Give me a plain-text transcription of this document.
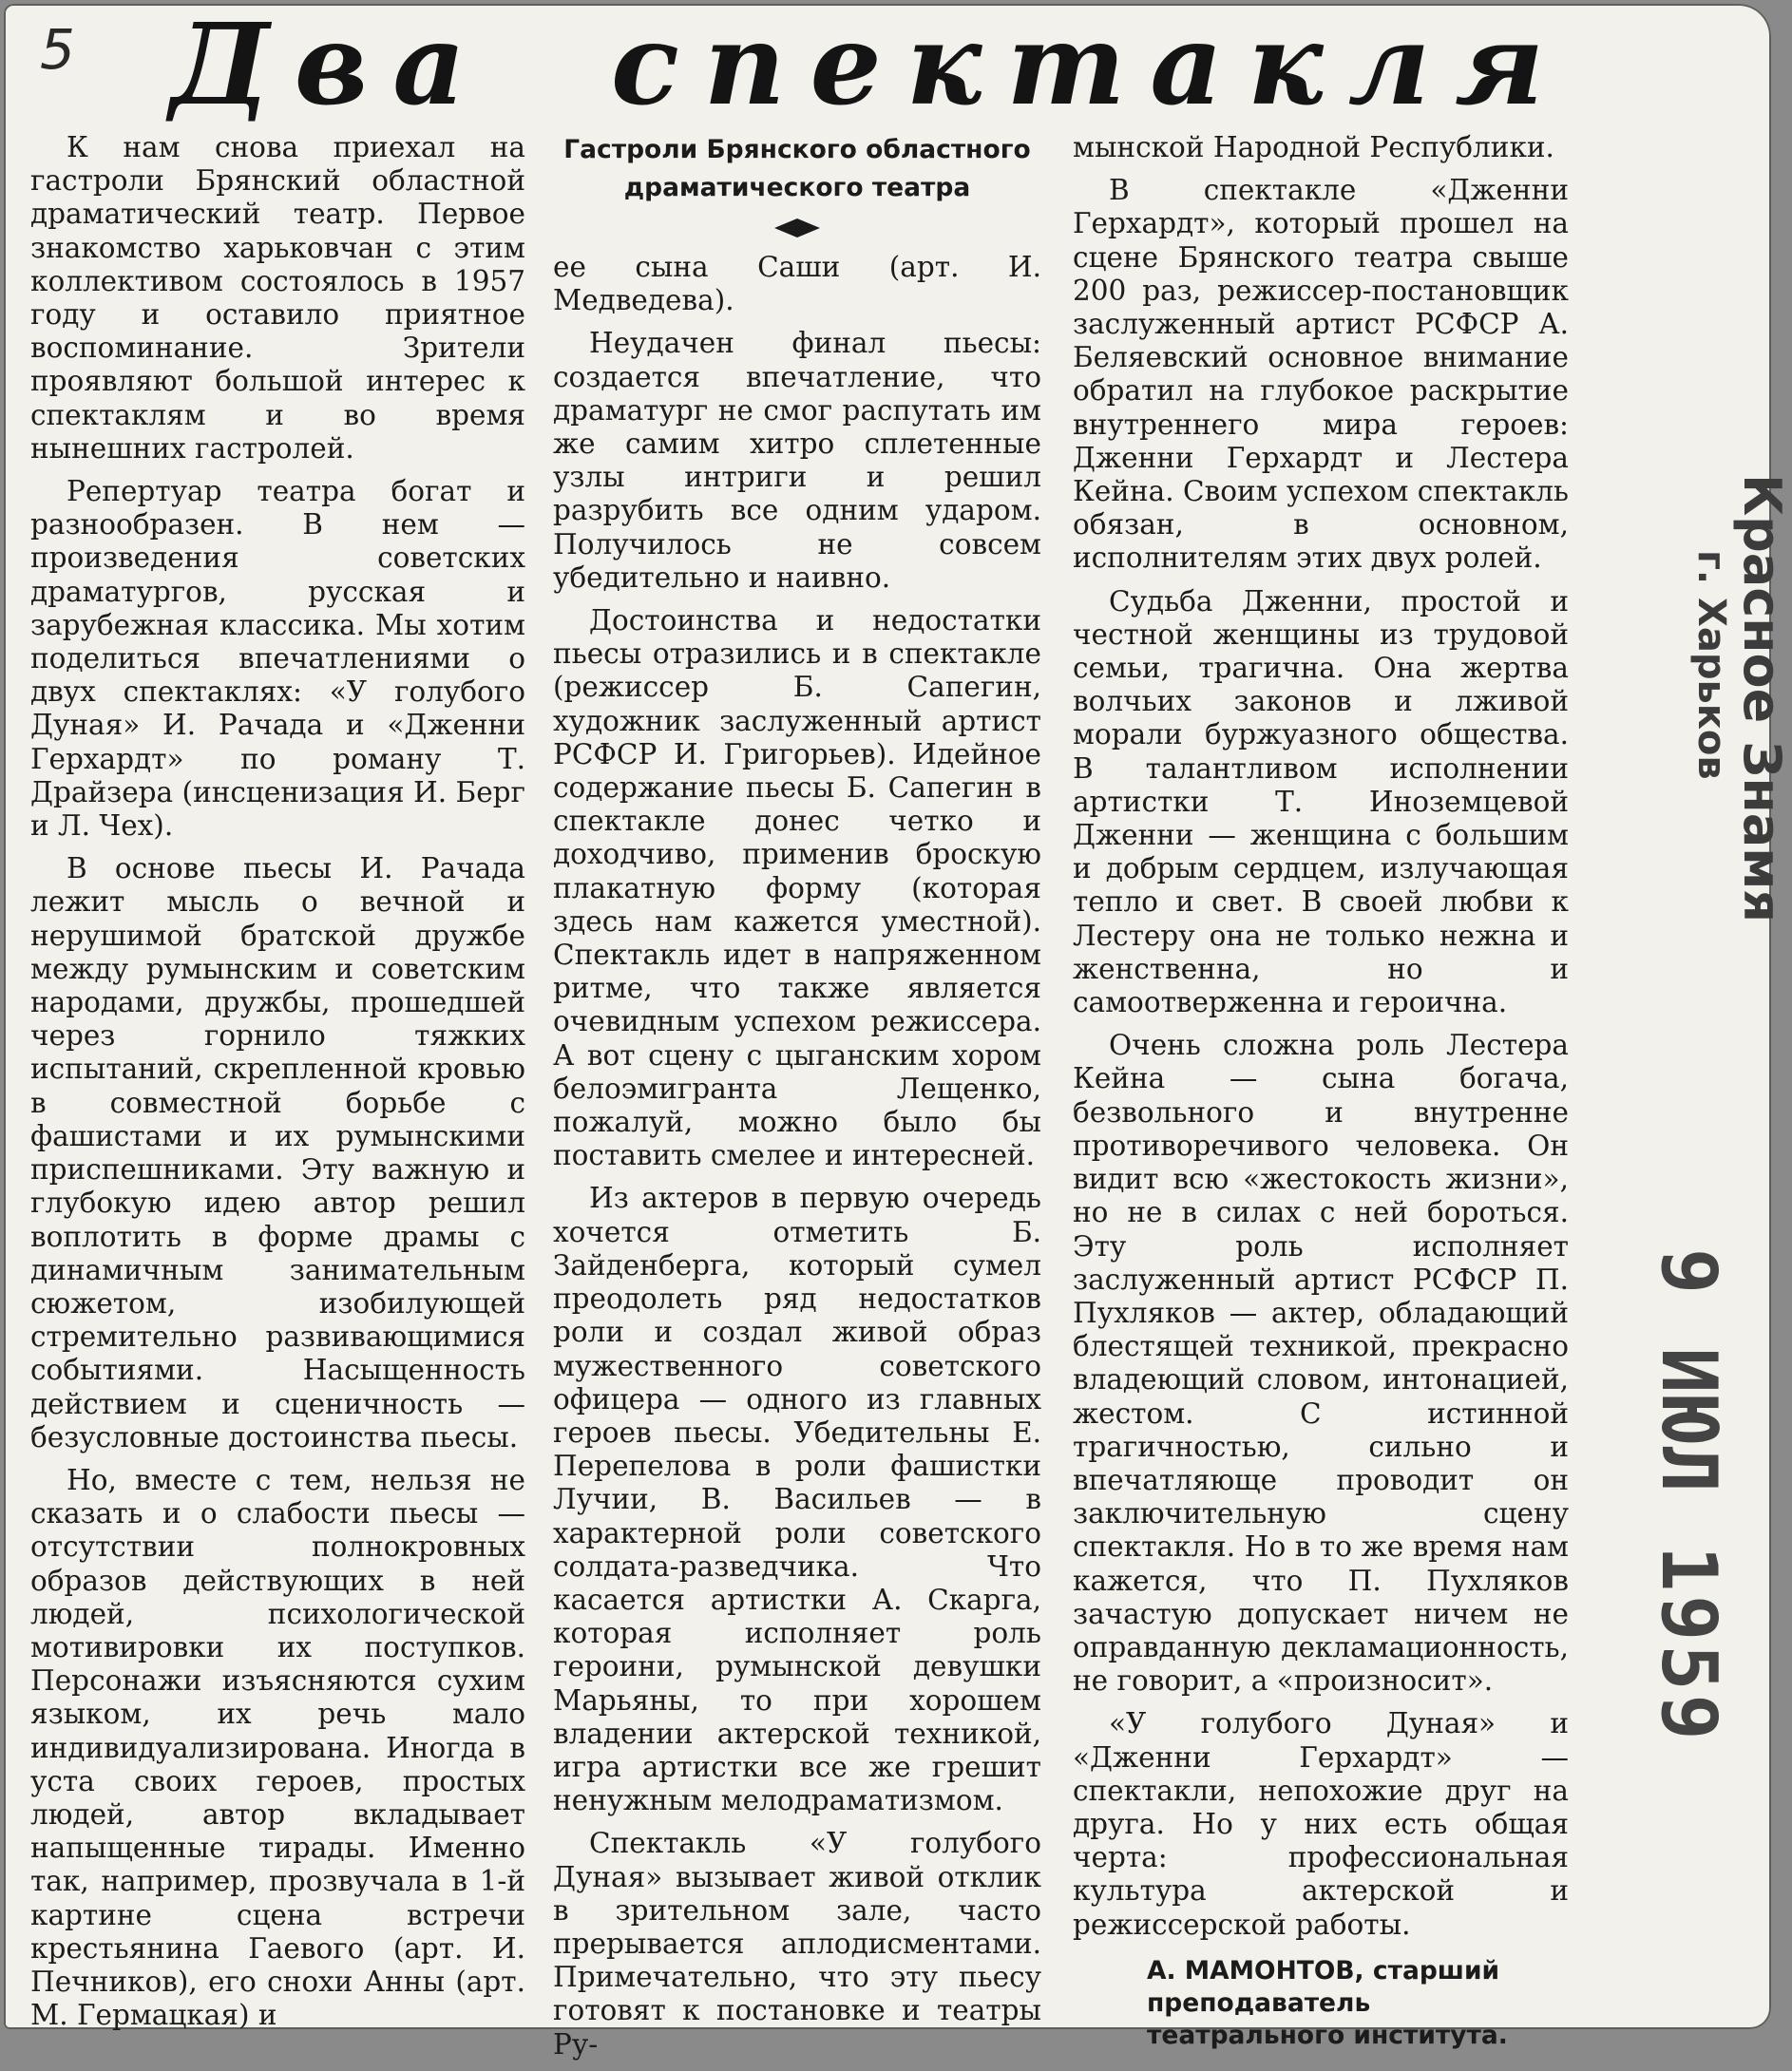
5 Два спектакля

К нам снова приехал на гастроли Брянский областной драматический театр. Первое знакомство харьковчан с этим коллективом состоялось в 1957 году и оставило приятное воспоминание. Зрители проявляют большой интерес к спектаклям и во время нынешних гастролей.

Репертуар театра богат и разнообразен. В нем — произведения советских драматургов, русская и зарубежная классика. Мы хотим поделиться впечатлениями о двух спектаклях: «У голубого Дуная» И. Рачада и «Дженни Герхардт» по роману Т. Драйзера (инсценизация И. Берг и Л. Чех).

В основе пьесы И. Рачада лежит мысль о вечной и нерушимой братской дружбе между румынским и советским народами, дружбы, прошедшей через горнило тяжких испытаний, скрепленной кровью в совместной борьбе с фашистами и их румынскими приспешниками. Эту важную и глубокую идею автор решил воплотить в форме драмы с динамичным занимательным сюжетом, изобилующей стремительно развивающимися событиями. Насыщенность действием и сценичность — безусловные достоинства пьесы.

Но, вместе с тем, нельзя не сказать и о слабости пьесы — отсутствии полнокровных образов действующих в ней людей, психологической мотивировки их поступков. Персонажи изъясняются сухим языком, их речь мало индивидуализирована. Иногда в уста своих героев, простых людей, автор вкладывает напыщенные тирады. Именно так, например, прозвучала в 1-й картине сцена встречи крестьянина Гаевого (арт. И. Печников), его снохи Анны (арт. М. Гермацкая) и

Гастроли Брянского областного
драматического театра

ее сына Саши (арт. И. Медведева).

Неудачен финал пьесы: создается впечатление, что драматург не смог распутать им же самим хитро сплетенные узлы интриги и решил разрубить все одним ударом. Получилось не совсем убедительно и наивно.

Достоинства и недостатки пьесы отразились и в спектакле (режиссер Б. Сапегин, художник заслуженный артист РСФСР И. Григорьев). Идейное содержание пьесы Б. Сапегин в спектакле донес четко и доходчиво, применив броскую плакатную форму (которая здесь нам кажется уместной). Спектакль идет в напряженном ритме, что также является очевидным успехом режиссера. А вот сцену с цыганским хором белоэмигранта Лещенко, пожалуй, можно было бы поставить смелее и интересней.

Из актеров в первую очередь хочется отметить Б. Зайденберга, который сумел преодолеть ряд недостатков роли и создал живой образ мужественного советского офицера — одного из главных героев пьесы. Убедительны Е. Перепелова в роли фашистки Лучии, В. Васильев — в характерной роли советского солдата-разведчика. Что касается артистки А. Скарга, которая исполняет роль героини, румынской девушки Марьяны, то при хорошем владении актерской техникой, игра артистки все же грешит ненужным мелодраматизмом.

Спектакль «У голубого Дуная» вызывает живой отклик в зрительном зале, часто прерывается аплодисментами. Примечательно, что эту пьесу готовят к постановке и театры Ру-

мынской Народной Республики.

В спектакле «Дженни Герхардт», который прошел на сцене Брянского театра свыше 200 раз, режиссер-постановщик заслуженный артист РСФСР А. Беляевский основное внимание обратил на глубокое раскрытие внутреннего мира героев: Дженни Герхардт и Лестера Кейна. Своим успехом спектакль обязан, в основном, исполнителям этих двух ролей.

Судьба Дженни, простой и честной женщины из трудовой семьи, трагична. Она жертва волчьих законов и лживой морали буржуазного общества. В талантливом исполнении артистки Т. Иноземцевой Дженни — женщина с большим и добрым сердцем, излучающая тепло и свет. В своей любви к Лестеру она не только нежна и женственна, но и самоотверженна и героична.

Очень сложна роль Лестера Кейна — сына богача, безвольного и внутренне противоречивого человека. Он видит всю «жестокость жизни», но не в силах с ней бороться. Эту роль исполняет заслуженный артист РСФСР П. Пухляков — актер, обладающий блестящей техникой, прекрасно владеющий словом, интонацией, жестом. С истинной трагичностью, сильно и впечатляюще проводит он заключительную сцену спектакля. Но в то же время нам кажется, что П. Пухляков зачастую допускает ничем не оправданную декламационность, не говорит, а «произносит».

«У голубого Дуная» и «Дженни Герхардт» — спектакли, непохожие друг на друга. Но у них есть общая черта: профессиональная культура актерской и режиссерской работы.

А. МАМОНТОВ, старший преподаватель театрального института.
Красное Знамя
г. Харьков
9 ИЮЛ 1959
